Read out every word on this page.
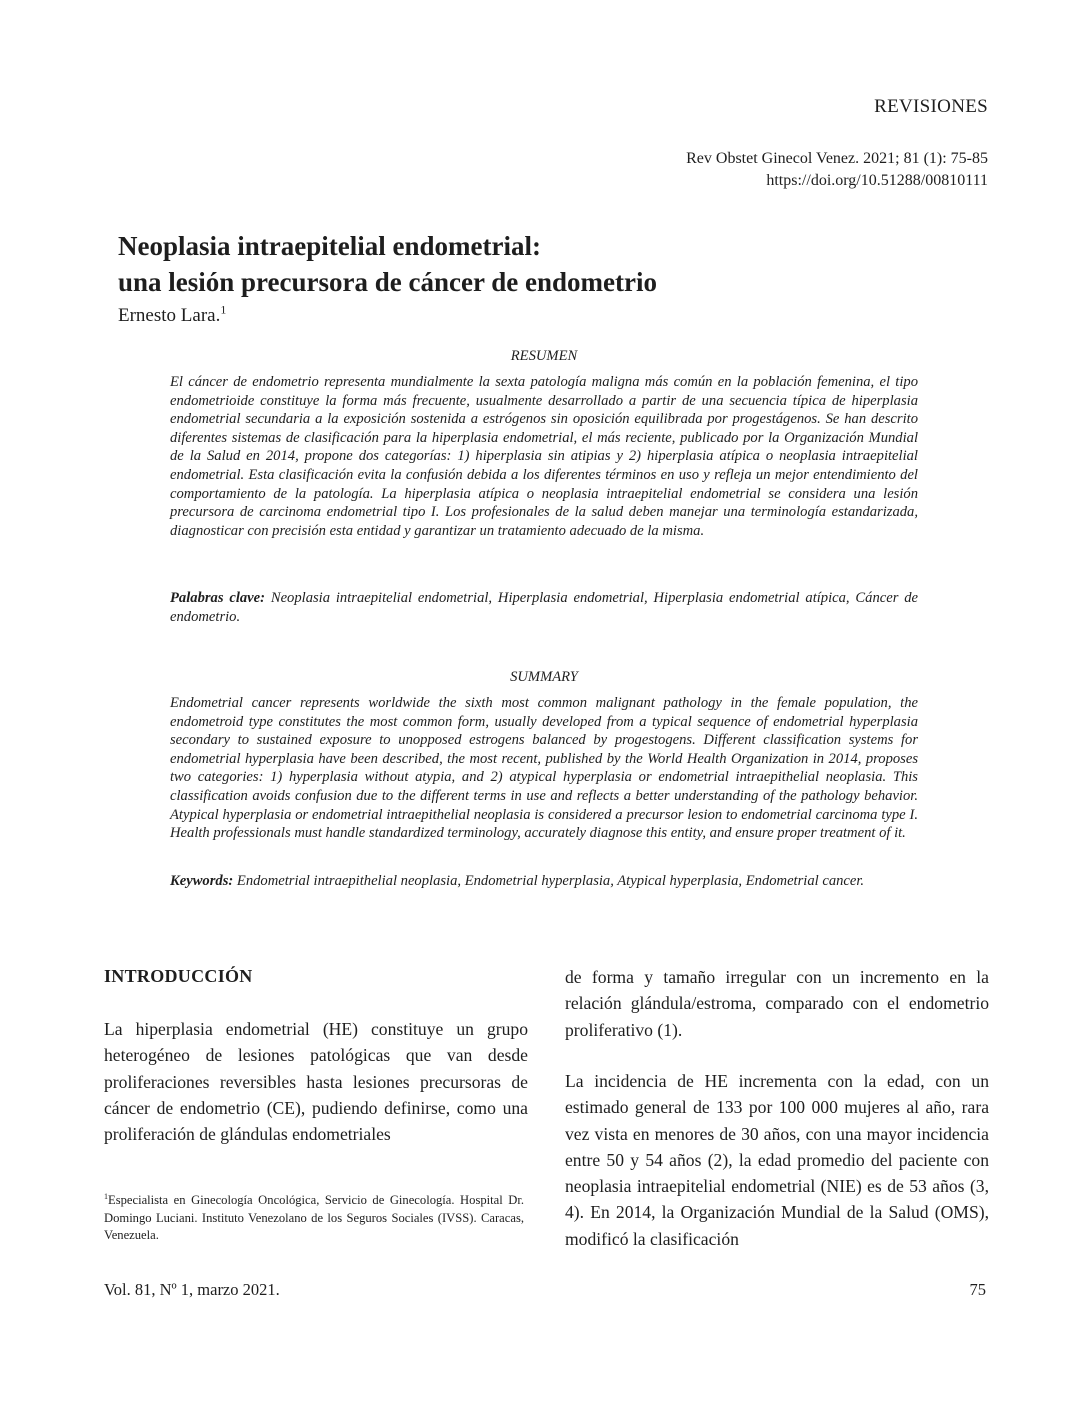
REVISIONES
Rev Obstet Ginecol Venez. 2021; 81 (1): 75-85
https://doi.org/10.51288/00810111
Neoplasia intraepitelial endometrial:
una lesión precursora de cáncer de endometrio
Ernesto Lara.$^1$
RESUMEN

El cáncer de endometrio representa mundialmente la sexta patología maligna más común en la población femenina, el tipo endometrioide constituye la forma más frecuente, usualmente desarrollado a partir de una secuencia típica de hiperplasia endometrial secundaria a la exposición sostenida a estrógenos sin oposición equilibrada por progestágenos. Se han descrito diferentes sistemas de clasificación para la hiperplasia endometrial, el más reciente, publicado por la Organización Mundial de la Salud en 2014, propone dos categorías: 1) hiperplasia sin atipias y 2) hiperplasia atípica o neoplasia intraepitelial endometrial. Esta clasificación evita la confusión debida a los diferentes términos en uso y refleja un mejor entendimiento del comportamiento de la patología. La hiperplasia atípica o neoplasia intraepitelial endometrial se considera una lesión precursora de carcinoma endometrial tipo I. Los profesionales de la salud deben manejar una terminología estandarizada, diagnosticar con precisión esta entidad y garantizar un tratamiento adecuado de la misma.

Palabras clave: Neoplasia intraepitelial endometrial, Hiperplasia endometrial, Hiperplasia endometrial atípica, Cáncer de endometrio.

SUMMARY

Endometrial cancer represents worldwide the sixth most common malignant pathology in the female population, the endometroid type constitutes the most common form, usually developed from a typical sequence of endometrial hyperplasia secondary to sustained exposure to unopposed estrogens balanced by progestogens. Different classification systems for endometrial hyperplasia have been described, the most recent, published by the World Health Organization in 2014, proposes two categories: 1) hyperplasia without atypia, and 2) atypical hyperplasia or endometrial intraepithelial neoplasia. This classification avoids confusion due to the different terms in use and reflects a better understanding of the pathology behavior. Atypical hyperplasia or endometrial intraepithelial neoplasia is considered a precursor lesion to endometrial carcinoma type I. Health professionals must handle standardized terminology, accurately diagnose this entity, and ensure proper treatment of it.

Keywords: Endometrial intraepithelial neoplasia, Endometrial hyperplasia, Atypical hyperplasia, Endometrial cancer.

INTRODUCCIÓN

La hiperplasia endometrial (HE) constituye un grupo heterogéneo de lesiones patológicas que van desde proliferaciones reversibles hasta lesiones precursoras de cáncer de endometrio (CE), pudiendo definirse, como una proliferación de glándulas endometriales

de forma y tamaño irregular con un incremento en la relación glándula/estroma, comparado con el endometrio proliferativo (1).

La incidencia de HE incrementa con la edad, con un estimado general de 133 por 100 000 mujeres al año, rara vez vista en menores de 30 años, con una mayor incidencia entre 50 y 54 años (2), la edad promedio del paciente con neoplasia intraepitelial endometrial (NIE) es de 53 años (3, 4). En 2014, la Organización Mundial de la Salud (OMS), modificó la clasificación

$^1$Especialista en Ginecología Oncológica, Servicio de Ginecología. Hospital Dr. Domingo Luciani. Instituto Venezolano de los Seguros Sociales (IVSS). Caracas, Venezuela.

Vol. 81, Nº 1, marzo 2021.	75
